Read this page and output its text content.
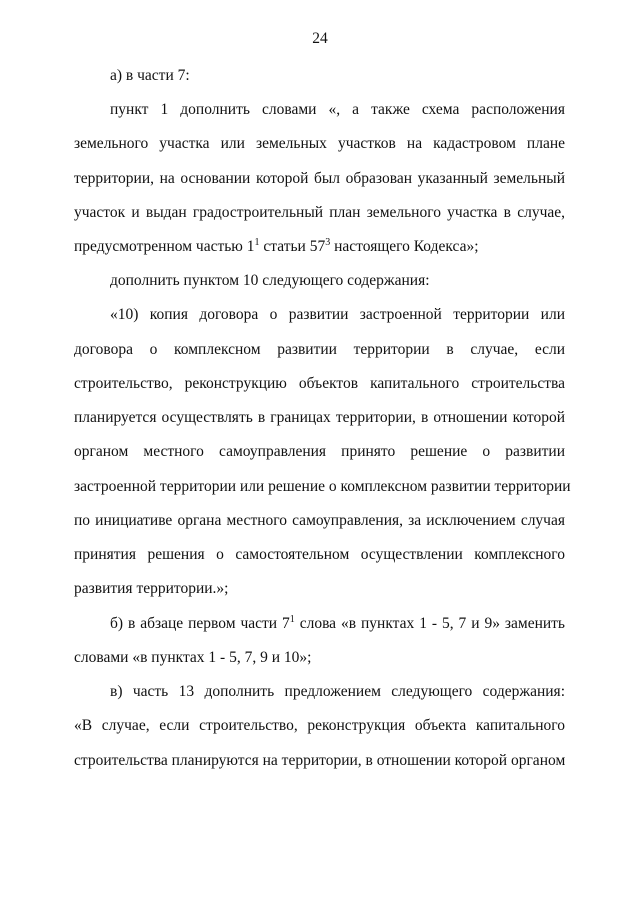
24
а) в части 7:
пункт 1 дополнить словами «, а также схема расположения
земельного участка или земельных участков на кадастровом плане
территории, на основании которой был образован указанный земельный
участок и выдан градостроительный план земельного участка в случае,
предусмотренном частью $1^1$ статьи $57^3$ настоящего Кодекса»;
дополнить пунктом 10 следующего содержания:
«10) копия договора о развитии застроенной территории или
договора о комплексном развитии территории в случае, если
строительство, реконструкцию объектов капитального строительства
планируется осуществлять в границах территории, в отношении которой
органом местного самоуправления принято решение о развитии
застроенной территории или решение о комплексном развитии территории
по инициативе органа местного самоуправления, за исключением случая
принятия решения о самостоятельном осуществлении комплексного
развития территории.»;
б) в абзаце первом части $7^1$ слова «в пунктах 1 - 5, 7 и 9» заменить
словами «в пунктах 1 - 5, 7, 9 и 10»;
в) часть 13 дополнить предложением следующего содержания:
«В случае, если строительство, реконструкция объекта капитального
строительства планируются на территории, в отношении которой органом
